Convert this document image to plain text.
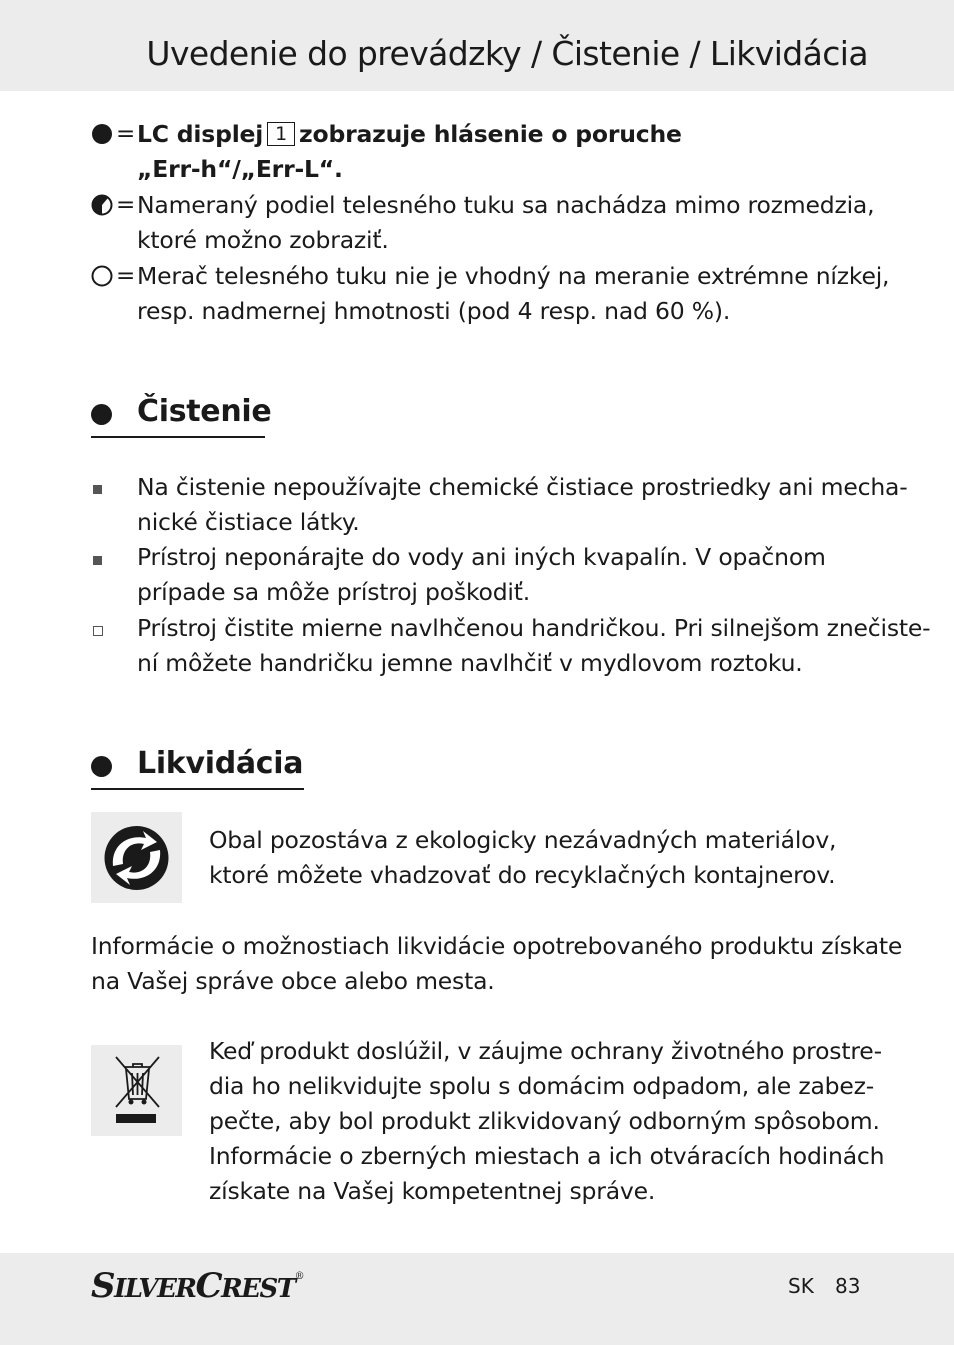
Uvedenie do prevádzky / Čistenie / Likvidácia
= LC displej 1 zobrazuje hlásenie o poruche
„Err-h“/„Err-L“.
= Nameraný podiel telesného tuku sa nachádza mimo rozmedzia,
ktoré možno zobraziť.
= Merač telesného tuku nie je vhodný na meranie extrémne nízkej,
resp. nadmernej hmotnosti (pod 4 resp. nad 60 %).
Čistenie
Na čistenie nepoužívajte chemické čistiace prostriedky ani mecha-
nické čistiace látky.
Prístroj neponárajte do vody ani iných kvapalín. V opačnom
prípade sa môže prístroj poškodiť.
Prístroj čistite mierne navlhčenou handričkou. Pri silnejšom znečiste-
ní môžete handričku jemne navlhčiť v mydlovom roztoku.
Likvidácia
Obal pozostáva z ekologicky nezávadných materiálov,
ktoré môžete vhadzovať do recyklačných kontajnerov.
Informácie o možnostiach likvidácie opotrebovaného produktu získate
na Vašej správe obce alebo mesta.
Keď produkt doslúžil, v záujme ochrany životného prostre-
dia ho nelikvidujte spolu s domácim odpadom, ale zabez-
pečte, aby bol produkt zlikvidovaný odborným spôsobom.
Informácie o zberných miestach a ich otváracích hodinách
získate na Vašej kompetentnej správe.
SILVERCREST®	SK 83
